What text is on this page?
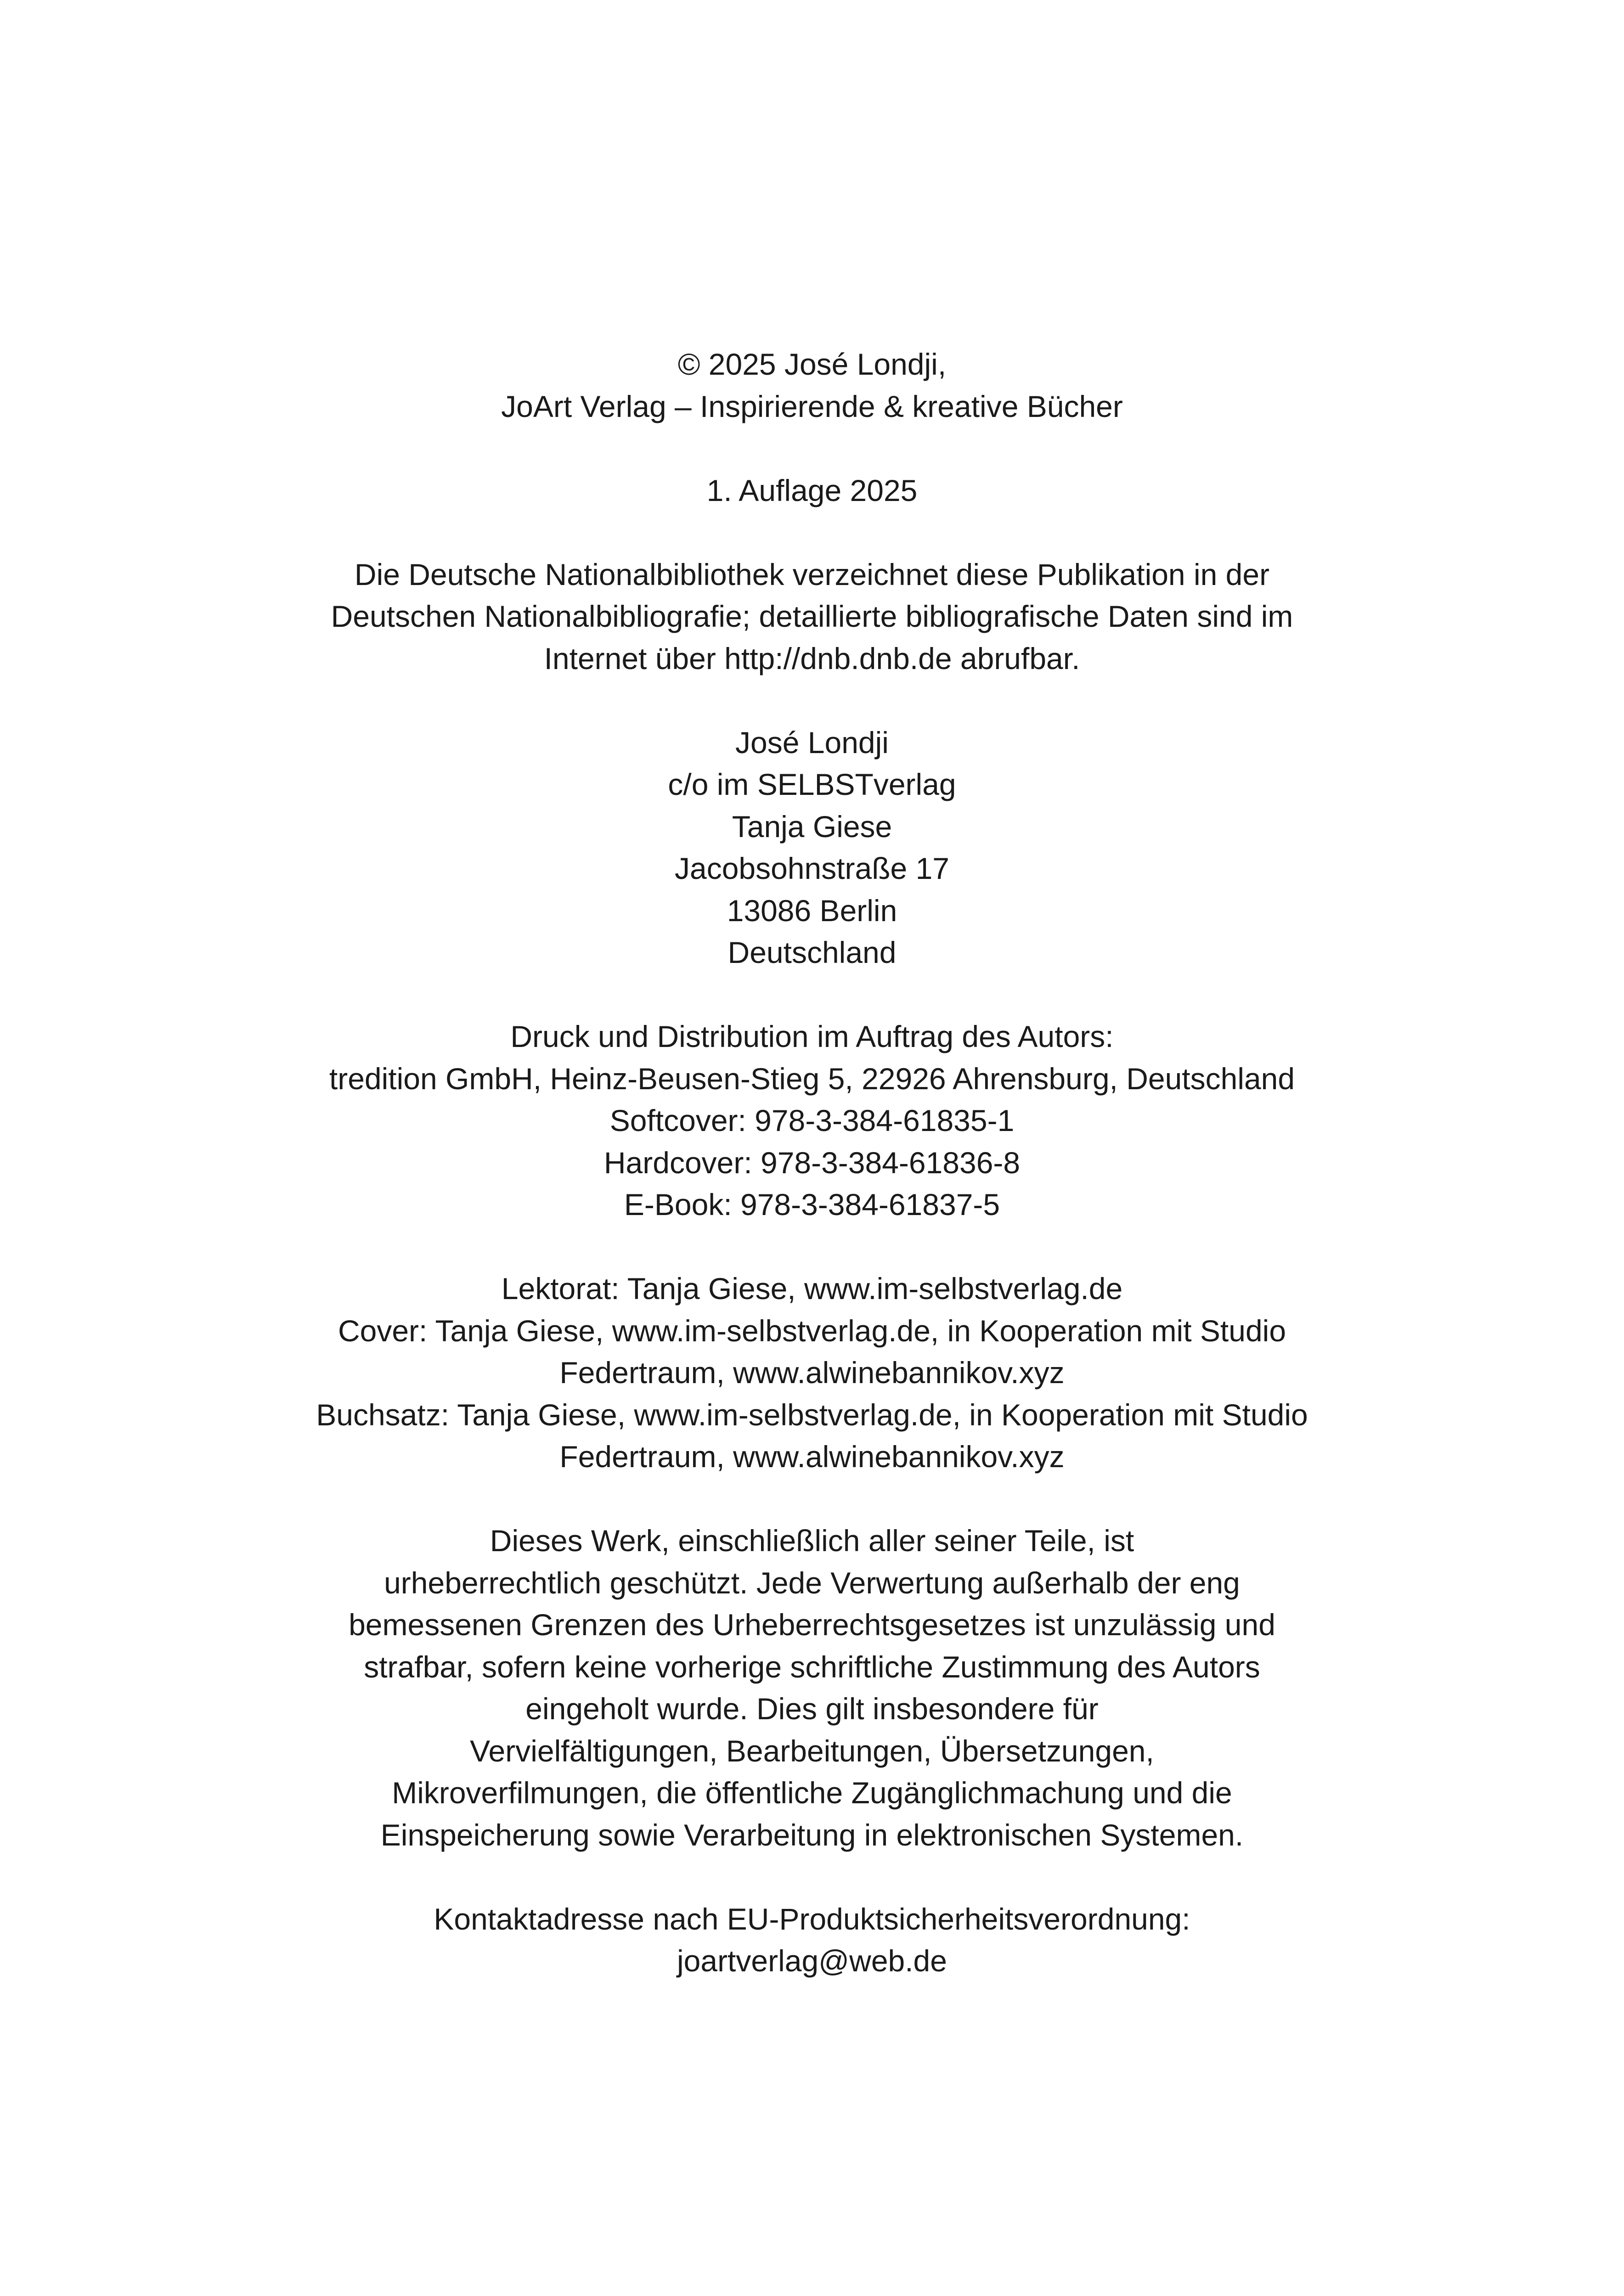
© 2025 José Londji,
JoArt Verlag – Inspirierende & kreative Bücher
1. Auflage 2025
Die Deutsche Nationalbibliothek verzeichnet diese Publikation in der
Deutschen Nationalbibliografie; detaillierte bibliografische Daten sind im
Internet über http://dnb.dnb.de abrufbar.
José Londji
c/o im SELBSTverlag
Tanja Giese
Jacobsohnstraße 17
13086 Berlin
Deutschland
Druck und Distribution im Auftrag des Autors:
tredition GmbH, Heinz-Beusen-Stieg 5, 22926 Ahrensburg, Deutschland
Softcover: 978-3-384-61835-1
Hardcover: 978-3-384-61836-8
E-Book: 978-3-384-61837-5
Lektorat: Tanja Giese, www.im-selbstverlag.de
Cover: Tanja Giese, www.im-selbstverlag.de, in Kooperation mit Studio
Federtraum, www.alwinebannikov.xyz
Buchsatz: Tanja Giese, www.im-selbstverlag.de, in Kooperation mit Studio
Federtraum, www.alwinebannikov.xyz
Dieses Werk, einschließlich aller seiner Teile, ist
urheberrechtlich geschützt. Jede Verwertung außerhalb der eng
bemessenen Grenzen des Urheberrechtsgesetzes ist unzulässig und
strafbar, sofern keine vorherige schriftliche Zustimmung des Autors
eingeholt wurde. Dies gilt insbesondere für
Vervielfältigungen, Bearbeitungen, Übersetzungen,
Mikroverfilmungen, die öffentliche Zugänglichmachung und die
Einspeicherung sowie Verarbeitung in elektronischen Systemen.
Kontaktadresse nach EU-Produktsicherheitsverordnung:
joartverlag@web.de
